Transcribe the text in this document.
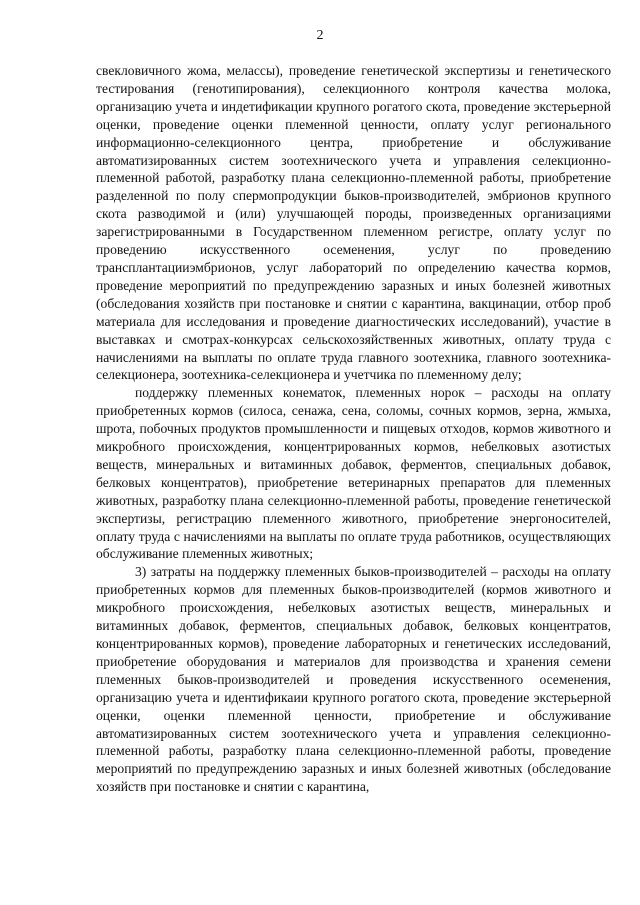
2

свекловичного жома, мелассы), проведение генетической экспертизы и генетического тестирования (генотипирования), селекционного контроля качества молока, организацию учета и индетификации крупного рогатого скота, проведение экстерьерной оценки, проведение оценки племенной ценности, оплату услуг регионального информационно-селекционного центра, приобретение и обслуживание автоматизированных систем зоотехнического учета и управления селекционно-племенной работой, разработку плана селекционно-племенной работы, приобретение разделенной по полу спермопродукции быков-производителей, эмбрионов крупного скота разводимой и (или) улучшающей породы, произведенных организациями зарегистрированными в Государственном племенном регистре, оплату услуг по проведению искусственного осеменения, услуг по проведению трансплантацииэмбрионов, услуг лабораторий по определению качества кормов, проведение мероприятий по предупреждению заразных и иных болезней животных (обследования хозяйств при постановке и снятии с карантина, вакцинации, отбор проб материала для исследования и проведение диагностических исследований), участие в выставках и смотрах-конкурсах сельскохозяйственных животных, оплату труда с начислениями на выплаты по оплате труда главного зоотехника, главного зоотехника-селекционера, зоотехника-селекционера и учетчика по племенному делу;

поддержку племенных конематок, племенных норок – расходы на оплату приобретенных кормов (силоса, сенажа, сена, соломы, сочных кормов, зерна, жмыха, шрота, побочных продуктов промышленности и пищевых отходов, кормов животного и микробного происхождения, концентрированных кормов, небелковых азотистых веществ, минеральных и витаминных добавок, ферментов, специальных добавок, белковых концентратов), приобретение ветеринарных препаратов для племенных животных, разработку плана селекционно-племенной работы, проведение генетической экспертизы, регистрацию племенного животного, приобретение энергоносителей, оплату труда с начислениями на выплаты по оплате труда работников, осуществляющих обслуживание племенных животных;

3) затраты на поддержку племенных быков-производителей – расходы на оплату приобретенных кормов для племенных быков-производителей (кормов животного и микробного происхождения, небелковых азотистых веществ, минеральных и витаминных добавок, ферментов, специальных добавок, белковых концентратов, концентрированных кормов), проведение лабораторных и генетических исследований, приобретение оборудования и материалов для производства и хранения семени племенных быков-производителей и проведения искусственного осеменения, организацию учета и идентификаии крупного рогатого скота, проведение экстерьерной оценки, оценки племенной ценности, приобретение и обслуживание автоматизированных систем зоотехнического учета и управления селекционно-племенной работы, разработку плана селекционно-племенной работы, проведение мероприятий по предупреждению заразных и иных болезней животных (обследование хозяйств при постановке и снятии с карантина,
